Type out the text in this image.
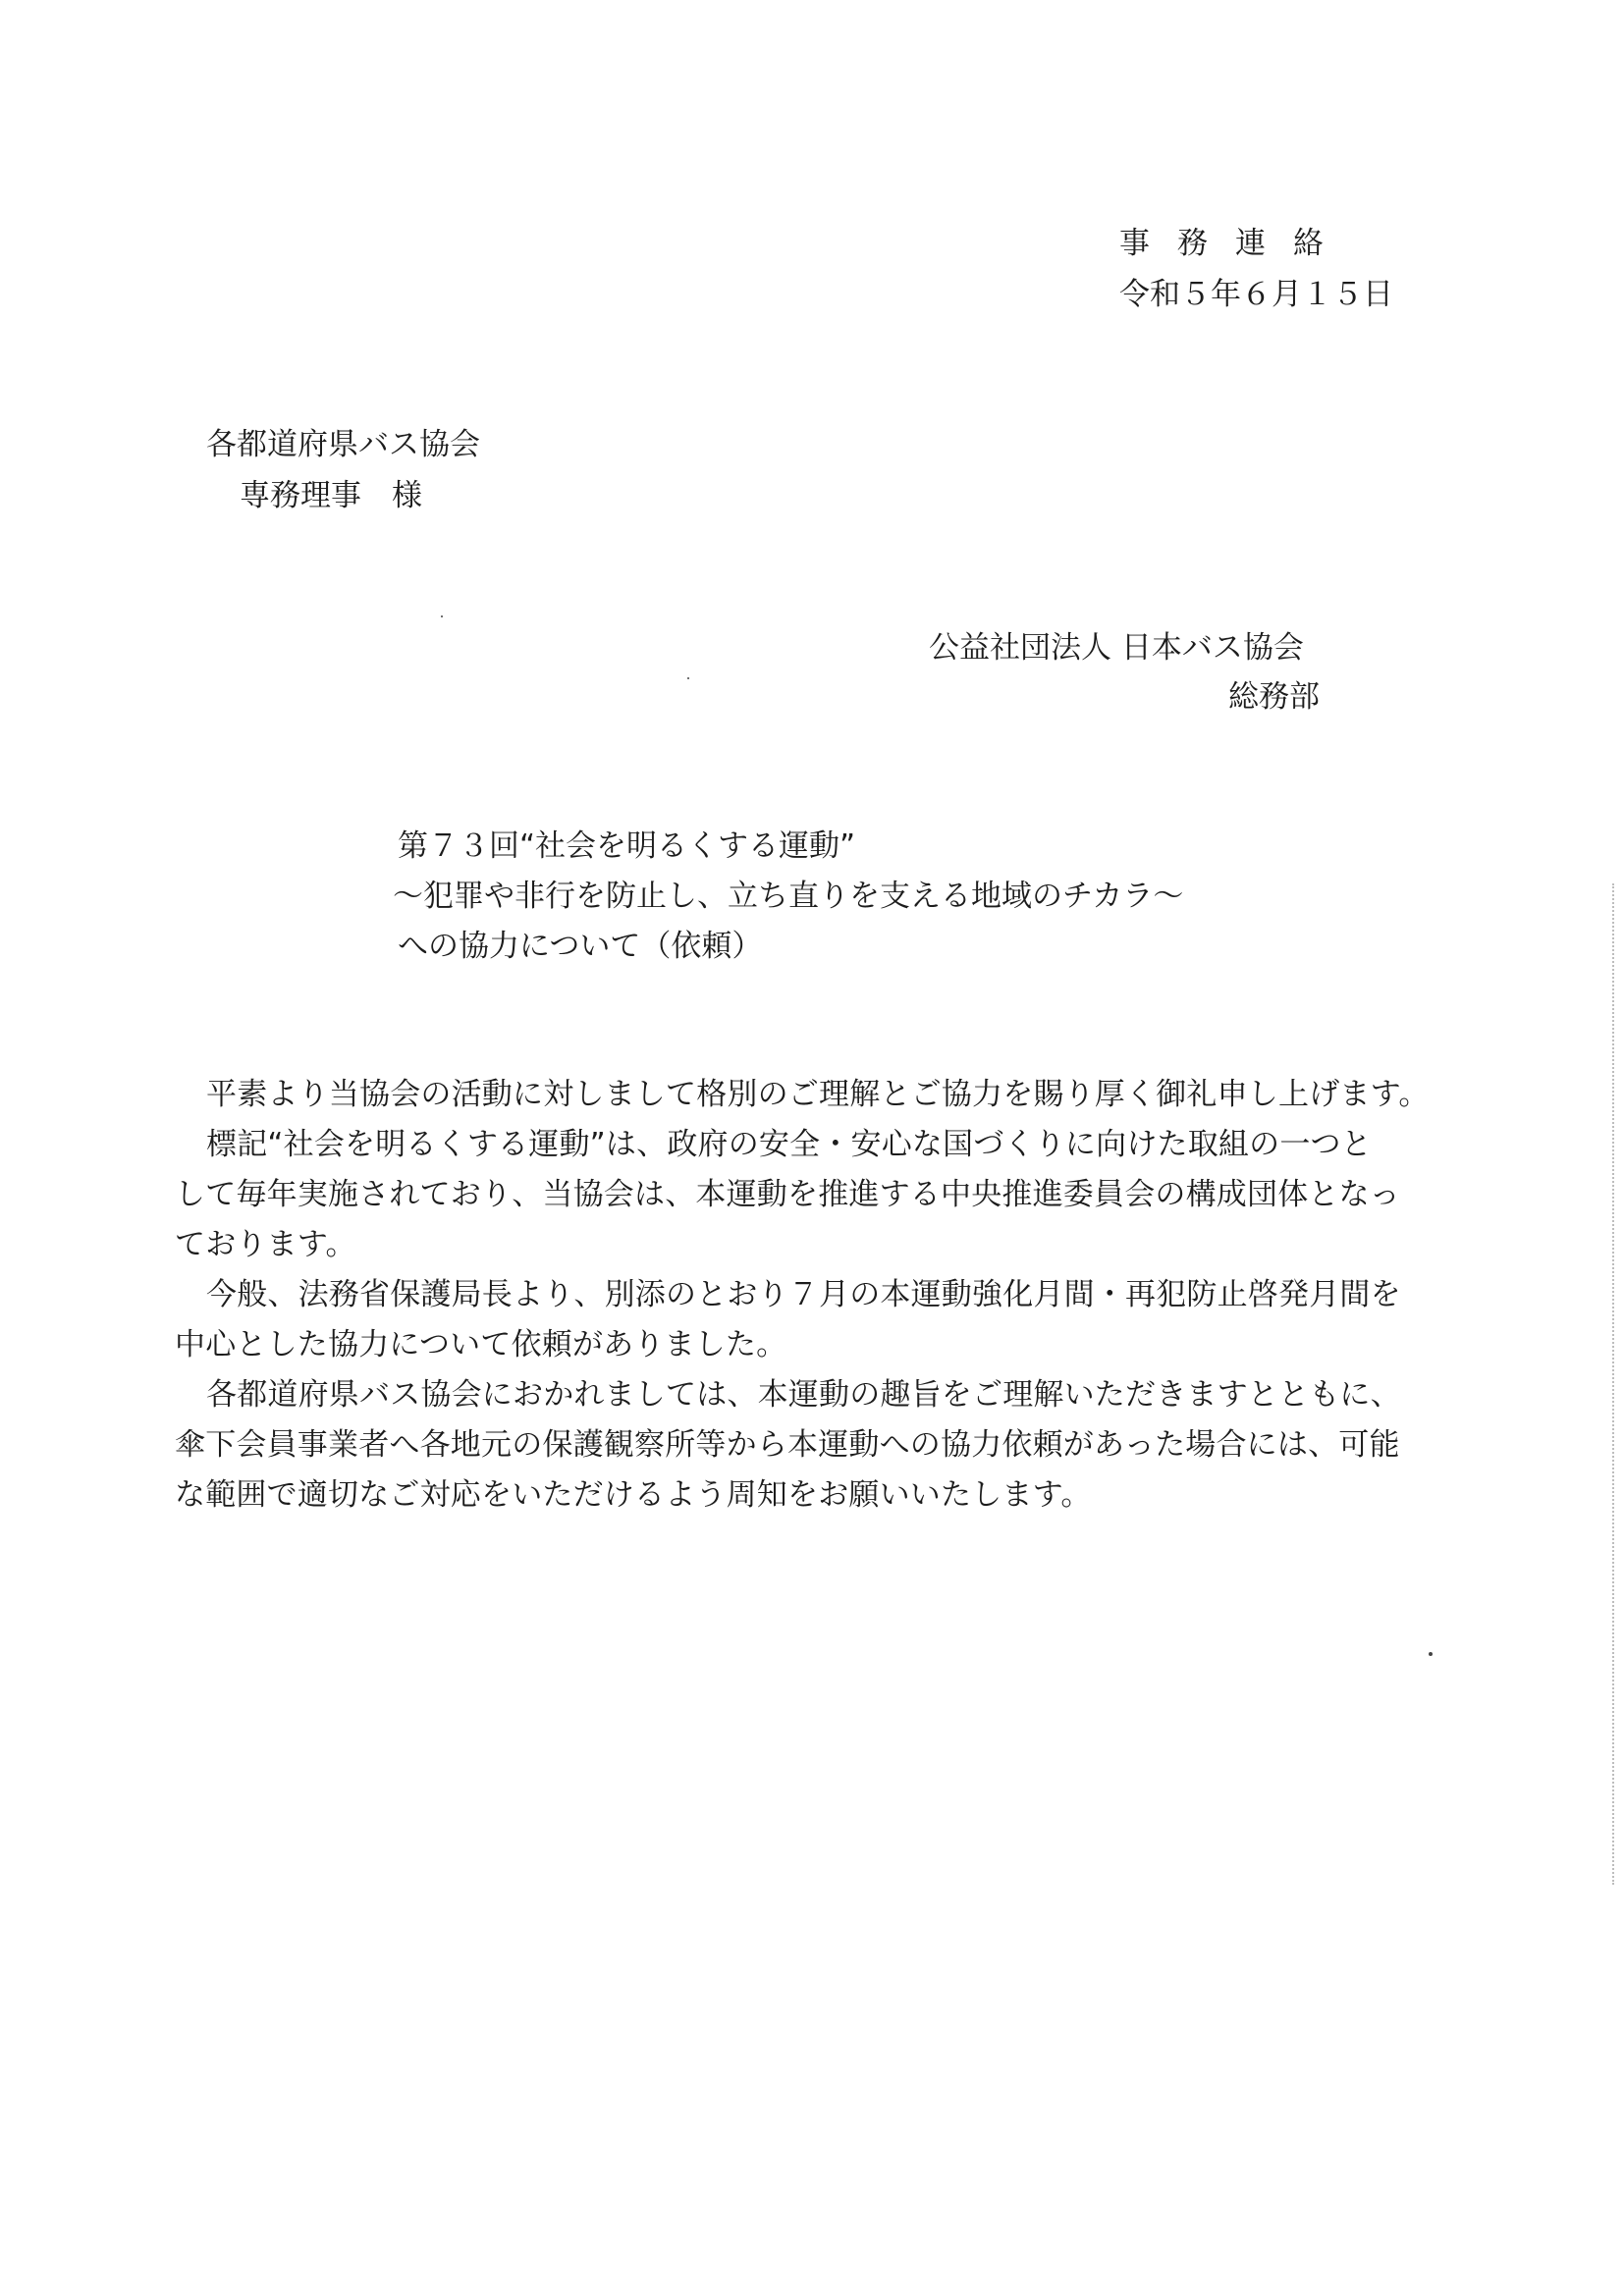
事務連絡
令和５年６月１５日
各都道府県バス協会
専務理事　様
公益社団法人 日本バス協会
総務部
第７３回“社会を明るくする運動”
～犯罪や非行を防止し、立ち直りを支える地域のチカラ～
への協力について（依頼）
平素より当協会の活動に対しまして格別のご理解とご協力を賜り厚く御礼申し上げます。
標記“社会を明るくする運動”は、政府の安全・安心な国づくりに向けた取組の一つと
して毎年実施されており、当協会は、本運動を推進する中央推進委員会の構成団体となっ
ております。
今般、法務省保護局長より、別添のとおり７月の本運動強化月間・再犯防止啓発月間を
中心とした協力について依頼がありました。
各都道府県バス協会におかれましては、本運動の趣旨をご理解いただきますとともに、
傘下会員事業者へ各地元の保護観察所等から本運動への協力依頼があった場合には、可能
な範囲で適切なご対応をいただけるよう周知をお願いいたします。
